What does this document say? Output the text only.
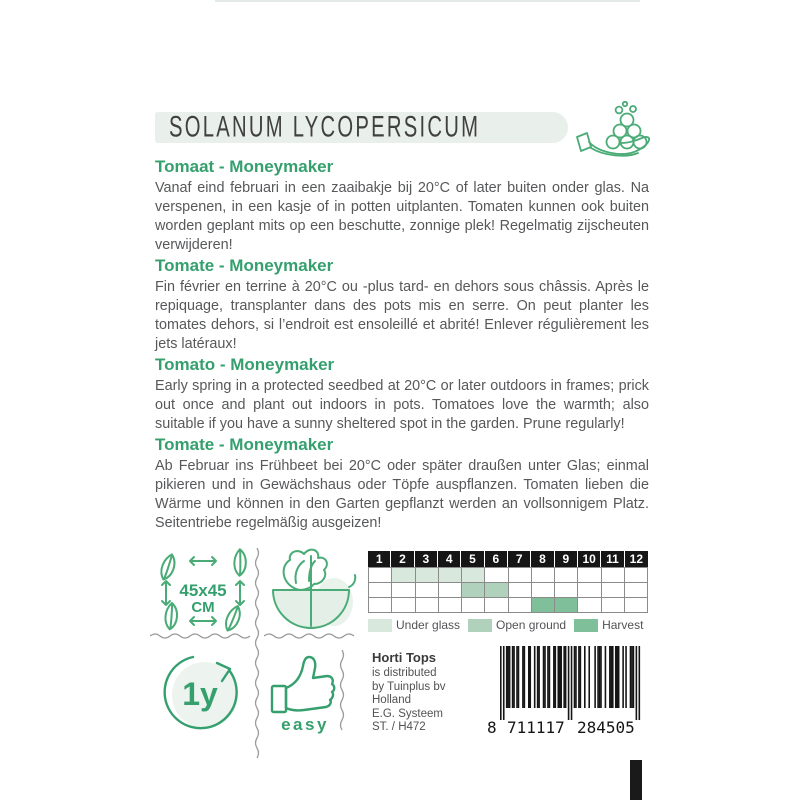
SOLANUM LYCOPERSICUM
Tomaat - Moneymaker

Vanaf eind februari in een zaaibakje bij 20°C of later buiten onder glas. Na verspenen, in een kasje of in potten uitplanten. Tomaten kunnen ook buiten worden geplant mits op een beschutte, zonnige plek! Regelmatig zijscheuten verwijderen!

Tomate - Moneymaker

Fin février en terrine à 20°C ou -plus tard- en dehors sous châssis. Après le repiquage, transplanter dans des pots mis en serre. On peut planter les tomates dehors, si l’endroit est ensoleillé et abrité! Enlever régulièrement les jets latéraux!

Tomato - Moneymaker

Early spring in a protected seedbed at 20°C or later outdoors in frames; prick out once and plant out indoors in pots. Tomatoes love the warmth; also suitable if you have a sunny sheltered spot in the garden. Prune regularly!

Tomate - Moneymaker

Ab Februar ins Frühbeet bei 20°C oder später draußen unter Glas; einmal pikieren und in Gewächshaus oder Töpfe auspflanzen. Tomaten lieben die Wärme und können in den Garten gepflanzt werden an vollsonnigem Platz. Seitentriebe regelmäßig ausgeizen!

45x45
CM
1y
easy
1	2	3	4	5	6	7	8	9	10 11 12
Under glass	Open ground	Harvest
Horti Tops
is distributed
by Tuinplus bv
Holland
E.G. Systeem
ST. / H472	8 711117 284505
